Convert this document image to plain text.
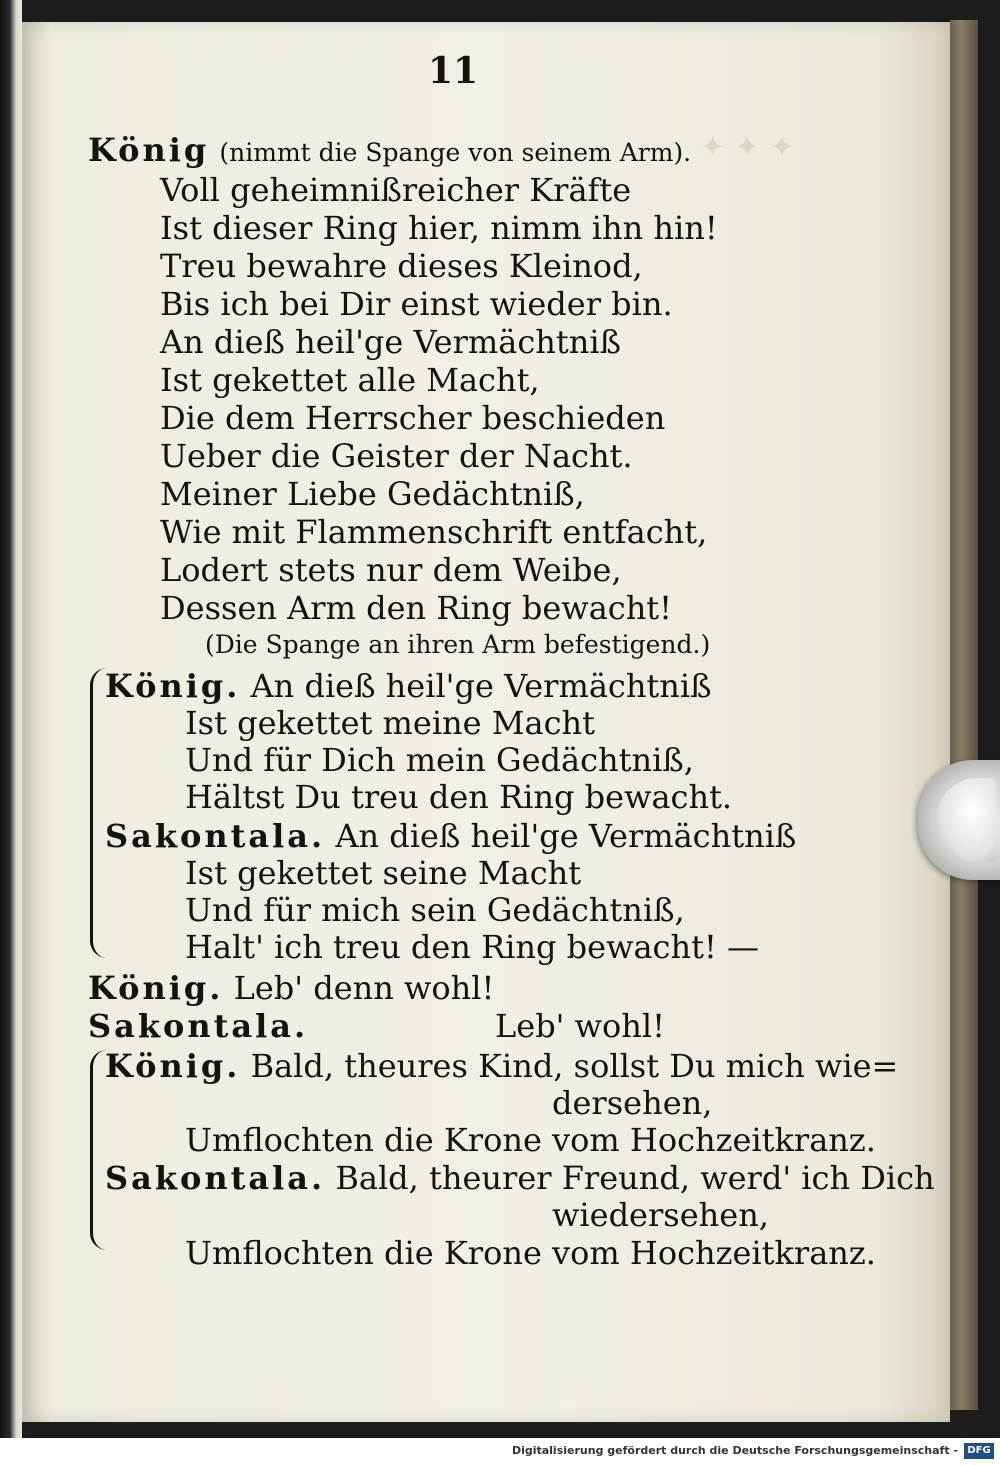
✦ ✦ ✦
11
König (nimmt die Spange von seinem Arm).
Voll geheimnißreicher Kräfte
Ist dieser Ring hier, nimm ihn hin!
Treu bewahre dieses Kleinod,
Bis ich bei Dir einst wieder bin.
An dieß heil'ge Vermächtniß
Ist gekettet alle Macht,
Die dem Herrscher beschieden
Ueber die Geister der Nacht.
Meiner Liebe Gedächtniß,
Wie mit Flammenschrift entfacht,
Lodert stets nur dem Weibe,
Dessen Arm den Ring bewacht!
(Die Spange an ihren Arm befestigend.)
König. An dieß heil'ge Vermächtniß
Ist gekettet meine Macht
Und für Dich mein Gedächtniß,
Hältst Du treu den Ring bewacht.
Sakontala. An dieß heil'ge Vermächtniß
Ist gekettet seine Macht
Und für mich sein Gedächtniß,
Halt' ich treu den Ring bewacht! —
König. Leb' denn wohl!
Sakontala.	Leb' wohl!
König. Bald, theures Kind, sollst Du mich wie=
dersehen,
Umflochten die Krone vom Hochzeitkranz.
Sakontala. Bald, theurer Freund, werd' ich Dich
wiedersehen,
Umflochten die Krone vom Hochzeitkranz.
Digitalisierung gefördert durch die Deutsche Forschungsgemeinschaft - DFG
